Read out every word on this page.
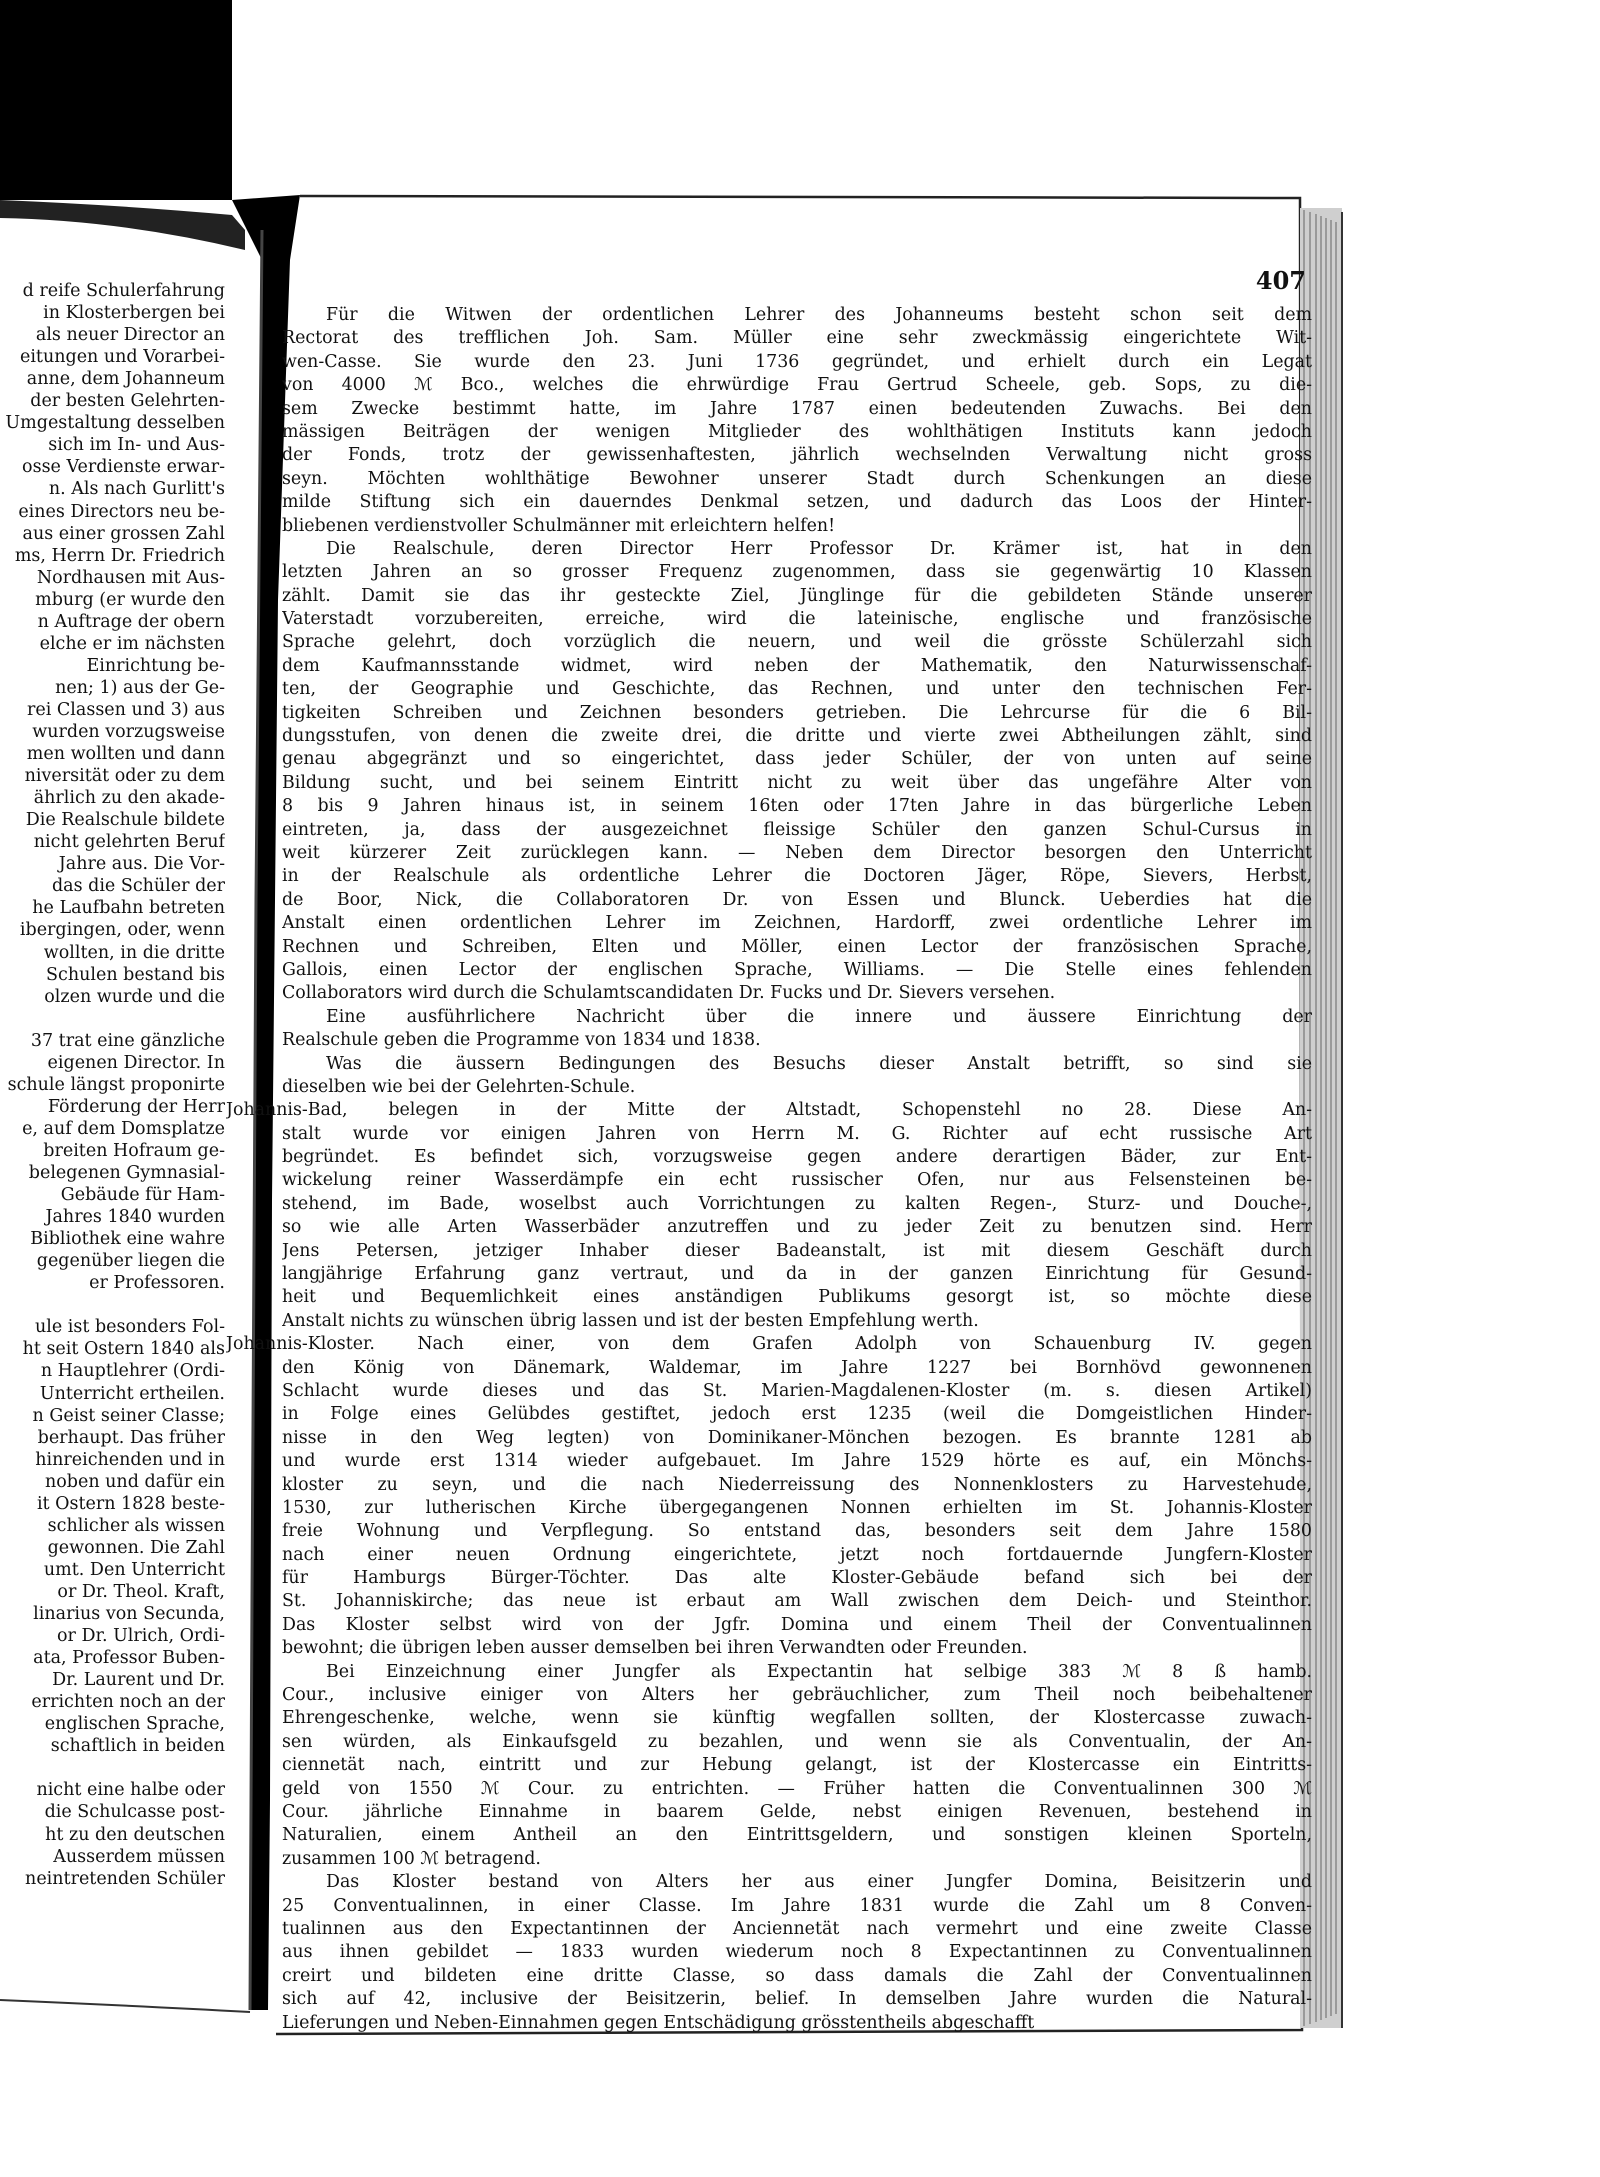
d reife Schulerfahrung
in Klosterbergen bei
als neuer Director an
eitungen und Vorarbei-
anne, dem Johanneum
der besten Gelehrten-
Umgestaltung desselben
sich im In- und Aus-
osse Verdienste erwar-
n. Als nach Gurlitt's
eines Directors neu be-
aus einer grossen Zahl
ms, Herrn Dr. Friedrich
Nordhausen mit Aus-
mburg (er wurde den
n Auftrage der obern
elche er im nächsten
Einrichtung be-
nen; 1) aus der Ge-
rei Classen und 3) aus
wurden vorzugsweise
men wollten und dann
niversität oder zu dem
ährlich zu den akade-
Die Realschule bildete
nicht gelehrten Beruf
Jahre aus. Die Vor-
das die Schüler der
he Laufbahn betreten
ibergingen, oder, wenn
wollten, in die dritte
Schulen bestand bis
olzen wurde und die
37 trat eine gänzliche
eigenen Director. In
schule längst proponirte
Förderung der Herr
e, auf dem Domsplatze
breiten Hofraum ge-
belegenen Gymnasial-
Gebäude für Ham-
Jahres 1840 wurden
Bibliothek eine wahre
gegenüber liegen die
er Professoren.
ule ist besonders Fol-
ht seit Ostern 1840 als
n Hauptlehrer (Ordi-
Unterricht ertheilen.
n Geist seiner Classe;
berhaupt. Das früher
hinreichenden und in
noben und dafür ein
it Ostern 1828 beste-
schlicher als wissen
gewonnen. Die Zahl
umt. Den Unterricht
or Dr. Theol. Kraft,
linarius von Secunda,
or Dr. Ulrich, Ordi-
ata, Professor Buben-
Dr. Laurent und Dr.
errichten noch an der
englischen Sprache,
schaftlich in beiden
nicht eine halbe oder
die Schulcasse post-
ht zu den deutschen
Ausserdem müssen
neintretenden Schüler
407
Für die Witwen der ordentlichen Lehrer des Johanneums besteht schon seit dem
Rectorat des trefflichen Joh. Sam. Müller eine sehr zweckmässig eingerichtete Wit-
wen-Casse. Sie wurde den 23. Juni 1736 gegründet, und erhielt durch ein Legat
von 4000 ℳ Bco., welches die ehrwürdige Frau Gertrud Scheele, geb. Sops, zu die-
sem Zwecke bestimmt hatte, im Jahre 1787 einen bedeutenden Zuwachs. Bei den
mässigen Beiträgen der wenigen Mitglieder des wohlthätigen Instituts kann jedoch
der Fonds, trotz der gewissenhaftesten, jährlich wechselnden Verwaltung nicht gross
seyn. Möchten wohlthätige Bewohner unserer Stadt durch Schenkungen an diese
milde Stiftung sich ein dauerndes Denkmal setzen, und dadurch das Loos der Hinter-
bliebenen verdienstvoller Schulmänner mit erleichtern helfen!
Die Realschule, deren Director Herr Professor Dr. Krämer ist, hat in den
letzten Jahren an so grosser Frequenz zugenommen, dass sie gegenwärtig 10 Klassen
zählt. Damit sie das ihr gesteckte Ziel, Jünglinge für die gebildeten Stände unserer
Vaterstadt vorzubereiten, erreiche, wird die lateinische, englische und französische
Sprache gelehrt, doch vorzüglich die neuern, und weil die grösste Schülerzahl sich
dem Kaufmannsstande widmet, wird neben der Mathematik, den Naturwissenschaf-
ten, der Geographie und Geschichte, das Rechnen, und unter den technischen Fer-
tigkeiten Schreiben und Zeichnen besonders getrieben. Die Lehrcurse für die 6 Bil-
dungsstufen, von denen die zweite drei, die dritte und vierte zwei Abtheilungen zählt, sind
genau abgegränzt und so eingerichtet, dass jeder Schüler, der von unten auf seine
Bildung sucht, und bei seinem Eintritt nicht zu weit über das ungefähre Alter von
8 bis 9 Jahren hinaus ist, in seinem 16ten oder 17ten Jahre in das bürgerliche Leben
eintreten, ja, dass der ausgezeichnet fleissige Schüler den ganzen Schul-Cursus in
weit kürzerer Zeit zurücklegen kann. — Neben dem Director besorgen den Unterricht
in der Realschule als ordentliche Lehrer die Doctoren Jäger, Röpe, Sievers, Herbst,
de Boor, Nick, die Collaboratoren Dr. von Essen und Blunck. Ueberdies hat die
Anstalt einen ordentlichen Lehrer im Zeichnen, Hardorff, zwei ordentliche Lehrer im
Rechnen und Schreiben, Elten und Möller, einen Lector der französischen Sprache,
Gallois, einen Lector der englischen Sprache, Williams. — Die Stelle eines fehlenden
Collaborators wird durch die Schulamtscandidaten Dr. Fucks und Dr. Sievers versehen.
Eine ausführlichere Nachricht über die innere und äussere Einrichtung der
Realschule geben die Programme von 1834 und 1838.
Was die äussern Bedingungen des Besuchs dieser Anstalt betrifft, so sind sie
dieselben wie bei der Gelehrten-Schule.
Johannis-Bad, belegen in der Mitte der Altstadt, Schopenstehl no 28. Diese An-
stalt wurde vor einigen Jahren von Herrn M. G. Richter auf echt russische Art
begründet. Es befindet sich, vorzugsweise gegen andere derartigen Bäder, zur Ent-
wickelung reiner Wasserdämpfe ein echt russischer Ofen, nur aus Felsensteinen be-
stehend, im Bade, woselbst auch Vorrichtungen zu kalten Regen-, Sturz- und Douche-,
so wie alle Arten Wasserbäder anzutreffen und zu jeder Zeit zu benutzen sind. Herr
Jens Petersen, jetziger Inhaber dieser Badeanstalt, ist mit diesem Geschäft durch
langjährige Erfahrung ganz vertraut, und da in der ganzen Einrichtung für Gesund-
heit und Bequemlichkeit eines anständigen Publikums gesorgt ist, so möchte diese
Anstalt nichts zu wünschen übrig lassen und ist der besten Empfehlung werth.
Johannis-Kloster. Nach einer, von dem Grafen Adolph von Schauenburg IV. gegen
den König von Dänemark, Waldemar, im Jahre 1227 bei Bornhövd gewonnenen
Schlacht wurde dieses und das St. Marien-Magdalenen-Kloster (m. s. diesen Artikel)
in Folge eines Gelübdes gestiftet, jedoch erst 1235 (weil die Domgeistlichen Hinder-
nisse in den Weg legten) von Dominikaner-Mönchen bezogen. Es brannte 1281 ab
und wurde erst 1314 wieder aufgebauet. Im Jahre 1529 hörte es auf, ein Mönchs-
kloster zu seyn, und die nach Niederreissung des Nonnenklosters zu Harvestehude,
1530, zur lutherischen Kirche übergegangenen Nonnen erhielten im St. Johannis-Kloster
freie Wohnung und Verpflegung. So entstand das, besonders seit dem Jahre 1580
nach einer neuen Ordnung eingerichtete, jetzt noch fortdauernde Jungfern-Kloster
für Hamburgs Bürger-Töchter. Das alte Kloster-Gebäude befand sich bei der
St. Johanniskirche; das neue ist erbaut am Wall zwischen dem Deich- und Steinthor.
Das Kloster selbst wird von der Jgfr. Domina und einem Theil der Conventualinnen
bewohnt; die übrigen leben ausser demselben bei ihren Verwandten oder Freunden.
Bei Einzeichnung einer Jungfer als Expectantin hat selbige 383 ℳ 8 ß hamb.
Cour., inclusive einiger von Alters her gebräuchlicher, zum Theil noch beibehaltener
Ehrengeschenke, welche, wenn sie künftig wegfallen sollten, der Klostercasse zuwach-
sen würden, als Einkaufsgeld zu bezahlen, und wenn sie als Conventualin, der An-
ciennetät nach, eintritt und zur Hebung gelangt, ist der Klostercasse ein Eintritts-
geld von 1550 ℳ Cour. zu entrichten. — Früher hatten die Conventualinnen 300 ℳ
Cour. jährliche Einnahme in baarem Gelde, nebst einigen Revenuen, bestehend in
Naturalien, einem Antheil an den Eintrittsgeldern, und sonstigen kleinen Sporteln,
zusammen 100 ℳ betragend.
Das Kloster bestand von Alters her aus einer Jungfer Domina, Beisitzerin und
25 Conventualinnen, in einer Classe. Im Jahre 1831 wurde die Zahl um 8 Conven-
tualinnen aus den Expectantinnen der Anciennetät nach vermehrt und eine zweite Classe
aus ihnen gebildet — 1833 wurden wiederum noch 8 Expectantinnen zu Conventualinnen
creirt und bildeten eine dritte Classe, so dass damals die Zahl der Conventualinnen
sich auf 42, inclusive der Beisitzerin, belief. In demselben Jahre wurden die Natural-
Lieferungen und Neben-Einnahmen gegen Entschädigung grösstentheils abgeschafft
